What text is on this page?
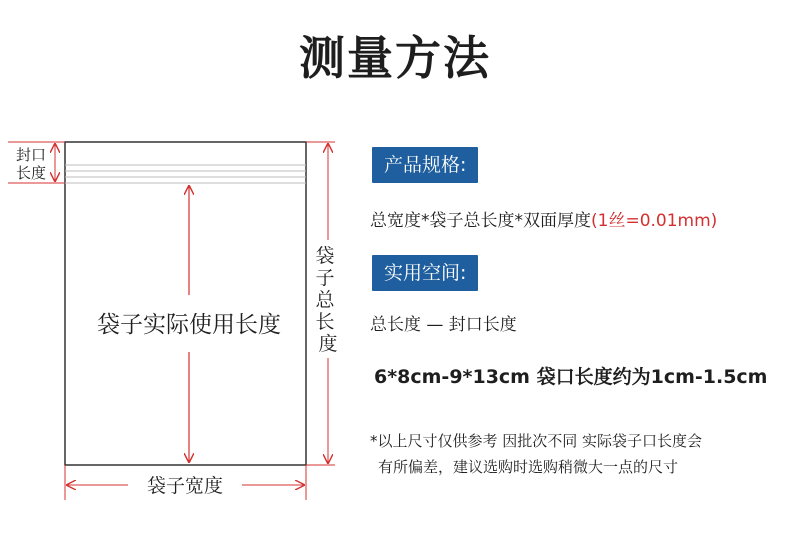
测量方法
封口 长度
袋子实际使用长度
袋 子 总 长 度
袋子宽度
产品规格:
总宽度*袋子总长度*双面厚度(1丝=0.01mm)
实用空间:
总长度 — 封口长度
6*8cm-9*13cm 袋口长度约为1cm-1.5cm
*以上尺寸仅供参考 因批次不同 实际袋子口长度会
有所偏差，建议选购时选购稍微大一点的尺寸
